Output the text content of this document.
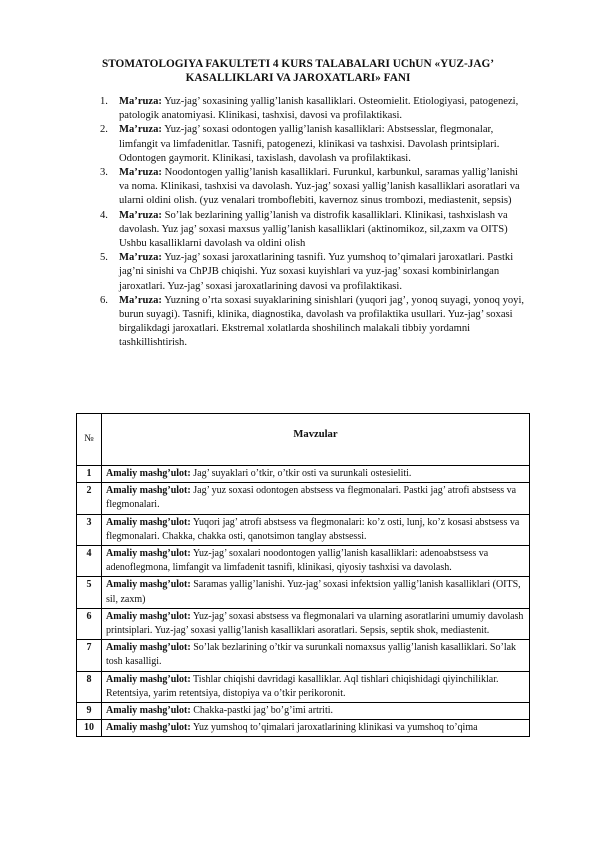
STOMATOLOGIYA FAKULTETI 4 KURS TALABALARI UChUN «YUZ-JAG’ KASALLIKLARI VA JAROXATLARI» FANI
1. Ma’ruza: Yuz-jag’ soxasining yallig’lanish kasalliklari. Osteomielit. Etiologiyasi, patogenezi, patologik anatomiyasi. Klinikasi, tashxisi, davosi va profilaktikasi.
2. Ma’ruza: Yuz-jag’ soxasi odontogen yallig’lanish kasalliklari: Abstsesslar, flegmonalar, limfangit va limfadenitlar. Tasnifi, patogenezi, klinikasi va tashxisi. Davolash printsiplari. Odontogen gaymorit. Klinikasi, taxislash, davolash va profilaktikasi.
3. Ma’ruza: Noodontogen yallig’lanish kasalliklari. Furunkul, karbunkul, saramas yallig’lanishi va noma. Klinikasi, tashxisi va davolash. Yuz-jag’ soxasi yallig’lanish kasalliklari asoratlari va ularni oldini olish. (yuz venalari tromboflebiti, kavernoz sinus trombozi, mediastenit, sepsis)
4. Ma’ruza: So’lak bezlarining yallig’lanish va distrofik kasalliklari. Klinikasi, tashxislash va davolash. Yuz jag’ soxasi maxsus yallig’lanish kasalliklari (aktinomikoz, sil,zaxm va OITS) Ushbu kasalliklarni davolash va oldini olish
5. Ma’ruza: Yuz-jag’ soxasi jaroxatlarining tasnifi. Yuz yumshoq to’qimalari jaroxatlari. Pastki jag’ni sinishi va ChPJB chiqishi. Yuz soxasi kuyishlari va yuz-jag’ soxasi kombinirlangan jaroxatlari. Yuz-jag’ soxasi jaroxatlarining davosi va profilaktikasi.
6. Ma’ruza: Yuzning o’rta soxasi suyaklarining sinishlari (yuqori jag’, yonoq suyagi, yonoq yoyi, burun suyagi). Tasnifi, klinika, diagnostika, davolash va profilaktika usullari. Yuz-jag’ soxasi birgalikdagi jaroxatlari. Ekstremal xolatlarda shoshilinch malakali tibbiy yordamni tashkillishtirish.
№	Mavzular
1	Amaliy mashg’ulot: Jag’ suyaklari o’tkir, o’tkir osti va surunkali ostesieliti.
2	Amaliy mashg’ulot: Jag’ yuz soxasi odontogen abstsess va flegmonalari. Pastki jag’ atrofi abstsess va flegmonalari.
3	Amaliy mashg’ulot: Yuqori jag’ atrofi abstsess va flegmonalari: ko’z osti, lunj, ko’z kosasi abstsess va flegmonalari. Chakka, chakka osti, qanotsimon tanglay abstsessi.
4	Amaliy mashg’ulot: Yuz-jag’ soxalari noodontogen yallig’lanish kasalliklari: adenoabstsess va adenoflegmona, limfangit va limfadenit tasnifi, klinikasi, qiyosiy tashxisi va davolash.
5	Amaliy mashg’ulot: Saramas yallig’lanishi. Yuz-jag’ soxasi infektsion yallig’lanish kasalliklari (OITS, sil, zaxm)
6	Amaliy mashg’ulot: Yuz-jag’ soxasi abstsess va flegmonalari va ularning asoratlarini umumiy davolash printsiplari. Yuz-jag’ soxasi yallig’lanish kasalliklari asoratlari. Sepsis, septik shok, mediastenit.
7	Amaliy mashg’ulot: So’lak bezlarining o’tkir va surunkali nomaxsus yallig’lanish kasalliklari. So’lak tosh kasalligi.
8	Amaliy mashg’ulot: Tishlar chiqishi davridagi kasalliklar. Aql tishlari chiqishidagi qiyinchiliklar. Retentsiya, yarim retentsiya, distopiya va o’tkir perikoronit.
9	Amaliy mashg’ulot: Chakka-pastki jag’ bo’g’imi artriti.
10	Amaliy mashg’ulot: Yuz yumshoq to’qimalari jaroxatlarining klinikasi va yumshoq to’qima
